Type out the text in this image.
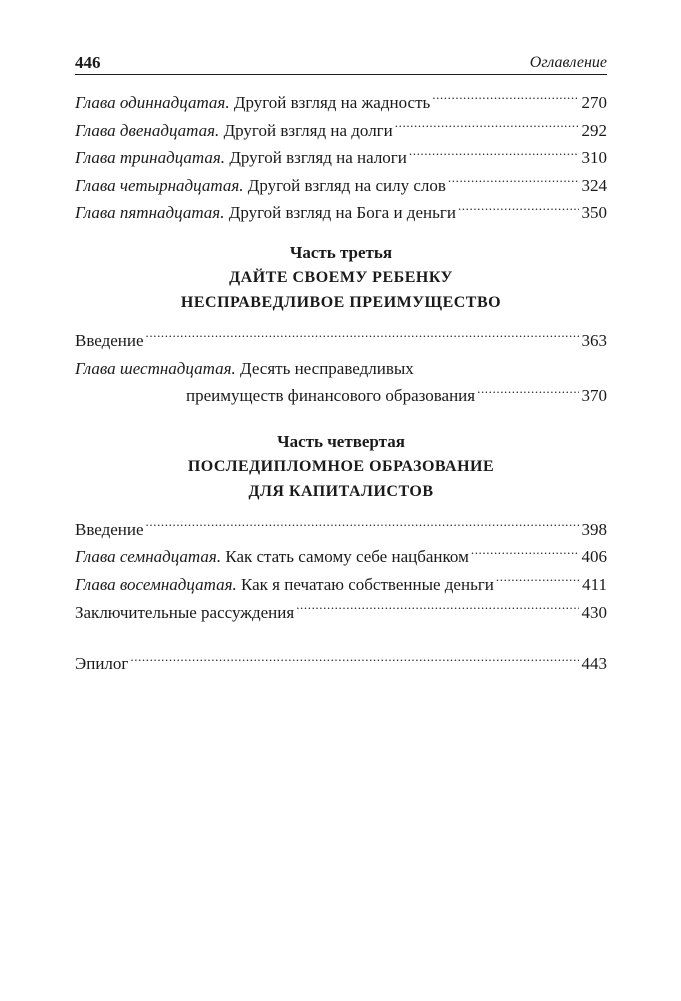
446	Оглавление
Глава одиннадцатая. Другой взгляд на жадность .....	270
Глава двенадцатая. Другой взгляд на долги .....	292
Глава тринадцатая. Другой взгляд на налоги .....	310
Глава четырнадцатая. Другой взгляд на силу слов .....	324
Глава пятнадцатая. Другой взгляд на Бога и деньги .....	350
Часть третья
ДАЙТЕ СВОЕМУ РЕБЕНКУ
НЕСПРАВЕДЛИВОЕ ПРЕИМУЩЕСТВО
Введение .....	363
Глава шестнадцатая. Десять несправедливых
преимуществ финансового образования .....	370
Часть четвертая
ПОСЛЕДИПЛОМНОЕ ОБРАЗОВАНИЕ
ДЛЯ КАПИТАЛИСТОВ
Введение .....	398
Глава семнадцатая. Как стать самому себе нацбанком .....	406
Глава восемнадцатая. Как я печатаю собственные деньги .....	411
Заключительные рассуждения .....	430
Эпилог .....	443
